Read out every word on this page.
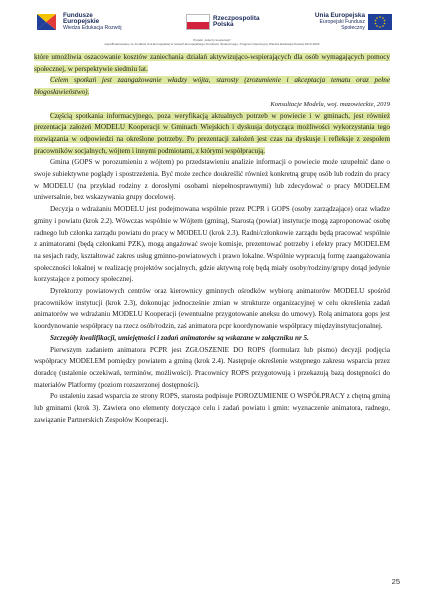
Fundusze Europejskie
Wiedza Edukacja Rozwój
Rzeczpospolita
Polska
Unia Europejska
Europejski Fundusz Społeczny
Projekt „Liderzy kooperacji”
współfinansowany ze środków Unii Europejskiej w ramach Europejskiego Funduszu Społecznego, Program Operacyjny Wiedza Edukacja Rozwój 2014-2020

które umożliwia oszacowanie kosztów zaniechania działań aktywizująco-wspierających dla osób wymagających pomocy społecznej, w perspektywie siedmiu lat.

Celem spotkań jest zaangażowanie władzy wójta, starosty (zrozumienie i akceptacja tematu oraz pełne błogosławieństwo).

Konsultacje Modelu, woj. mazowieckie, 2019

Częścią spotkania informacyjnego, poza weryfikacją aktualnych potrzeb w powiecie i w gminach, jest również prezentacja założeń MODELU Kooperacji w Gminach Wiejskich i dyskusja dotycząca możliwości wykorzystania tego rozwiązania w odpowiedzi na określone potrzeby. Po prezentacji założeń jest czas na dyskusje i refleksje z zespołem pracowników socjalnych, wójtem i innymi podmiotami, z którymi współpracują.

Gmina (GOPS w porozumieniu z wójtem) po przedstawieniu analizie informacji o powiecie może uzupełnić dane o swoje subiektywne poglądy i spostrzeżenia. Być może zechce doukreślić również konkretną grupę osób lub rodzin do pracy w MODELU (na przykład rodziny z dorosłymi osobami niepełnosprawnymi) lub zdecydować o pracy MODELEM uniwersalnie, bez wskazywania grupy docelowej.

Decyzja o wdrażaniu MODELU jest podejmowana wspólnie przez PCPR i GOPS (osoby zarządzające) oraz władze gminy i powiatu (krok 2.2). Wówczas wspólnie w Wójtem (gminą), Starostą (powiat) instytucje mogą zaproponować osobę radnego lub członka zarządu powiatu do pracy w MODELU (krok 2.3). Radni/członkowie zarządu będą pracować wspólnie z animatorami (będą członkami PZK), mogą angażować swoje komisje, prezentować potrzeby i efekty pracy MODELEM na sesjach rady, kształtować zakres usług gminno-powiatowych i prawo lokalne. Wspólnie wypracują formę zaangażowania społeczności lokalnej w realizację projektów socjalnych, gdzie aktywną rolę będą miały osoby/rodziny/grupy dotąd jedynie korzystające z pomocy społecznej.

Dyrektorzy powiatowych centrów oraz kierownicy gminnych ośrodków wybiorą animatorów MODELU spośród pracowników instytucji (krok 2.3), dokonując jednocześnie zmian w strukturze organizacyjnej w celu określenia zadań animatorów we wdrażaniu MODELU Kooperacji (ewentualne przygotowanie aneksu do umowy). Rolą animatora gops jest koordynowanie współpracy na rzecz osób/rodzin, zaś animatora pcpr koordynowanie współpracy międzyinstytucjonalnej.

Szczegóły kwalifikacji, umiejętności i zadań animatorów są wskazane w załączniku nr 5.

Pierwszym zadaniem animatora PCPR jest ZGŁOSZENIE DO ROPS (formularz lub pismo) decyzji podjęcia współpracy MODELEM pomiędzy powiatem a gminą (krok 2.4). Następuje określenie wstępnego zakresu wsparcia przez doradcę (ustalenie oczekiwań, terminów, możliwości). Pracownicy ROPS przygotowują i przekazują bazą dostępności do materiałów Platformy (poziom rozszerzonej dostępności).

Po ustaleniu zasad wsparcia ze strony ROPS, starosta podpisuje POROZUMIENIE O WSPÓŁPRACY z chętną gminą lub gminami (krok 3). Zawiera ono elementy dotyczące celu i zadań powiatu i gmin: wyznaczenie animatora, radnego, zawiązanie Partnerskich Zespołów Kooperacji.

25
